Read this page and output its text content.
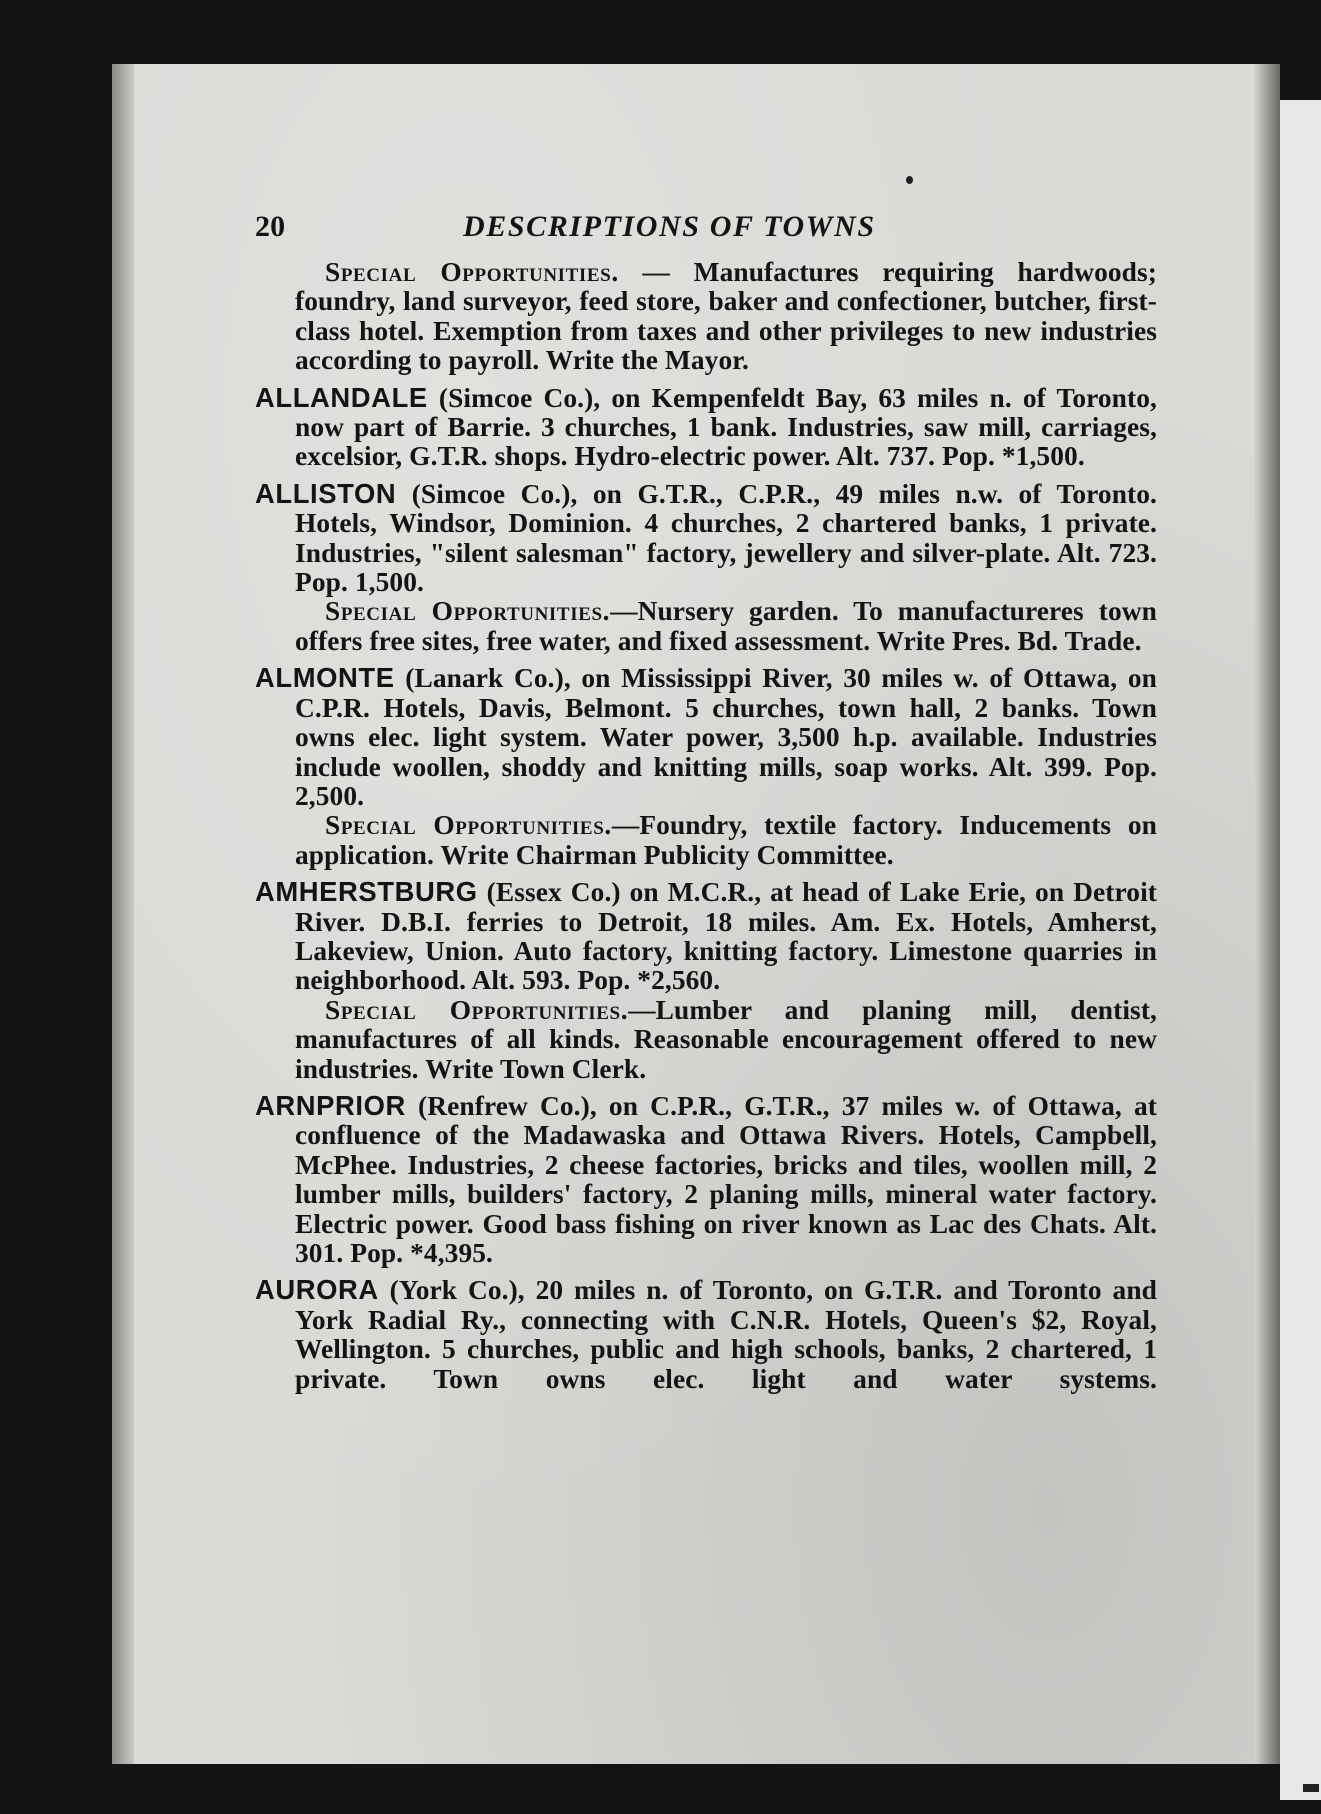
20	DESCRIPTIONS OF TOWNS

Special Opportunities. — Manufactures requiring hardwoods; foundry, land surveyor, feed store, baker and confectioner, butcher, first-class hotel. Exemption from taxes and other privileges to new industries according to payroll. Write the Mayor.

ALLANDALE (Simcoe Co.), on Kempenfeldt Bay, 63 miles n. of Toronto, now part of Barrie. 3 churches, 1 bank. Industries, saw mill, carriages, excelsior, G.T.R. shops. Hydro-electric power. Alt. 737. Pop. *1,500.

ALLISTON (Simcoe Co.), on G.T.R., C.P.R., 49 miles n.w. of Toronto. Hotels, Windsor, Dominion. 4 churches, 2 chartered banks, 1 private. Industries, "silent salesman" factory, jewellery and silver-plate. Alt. 723. Pop. 1,500.

Special Opportunities.—Nursery garden. To manufactureres town offers free sites, free water, and fixed assessment. Write Pres. Bd. Trade.

ALMONTE (Lanark Co.), on Mississippi River, 30 miles w. of Ottawa, on C.P.R. Hotels, Davis, Belmont. 5 churches, town hall, 2 banks. Town owns elec. light system. Water power, 3,500 h.p. available. Industries include woollen, shoddy and knitting mills, soap works. Alt. 399. Pop. 2,500.

Special Opportunities.—Foundry, textile factory. Inducements on application. Write Chairman Publicity Committee.

AMHERSTBURG (Essex Co.) on M.C.R., at head of Lake Erie, on Detroit River. D.B.I. ferries to Detroit, 18 miles. Am. Ex. Hotels, Amherst, Lakeview, Union. Auto factory, knitting factory. Limestone quarries in neighborhood. Alt. 593. Pop. *2,560.

Special Opportunities.—Lumber and planing mill, dentist, manufactures of all kinds. Reasonable encouragement offered to new industries. Write Town Clerk.

ARNPRIOR (Renfrew Co.), on C.P.R., G.T.R., 37 miles w. of Ottawa, at confluence of the Madawaska and Ottawa Rivers. Hotels, Campbell, McPhee. Industries, 2 cheese factories, bricks and tiles, woollen mill, 2 lumber mills, builders' factory, 2 planing mills, mineral water factory. Electric power. Good bass fishing on river known as Lac des Chats. Alt. 301. Pop. *4,395.

AURORA (York Co.), 20 miles n. of Toronto, on G.T.R. and Toronto and York Radial Ry., connecting with C.N.R. Hotels, Queen's $2, Royal, Wellington. 5 churches, public and high schools, banks, 2 chartered, 1 private. Town owns elec. light and water systems.
